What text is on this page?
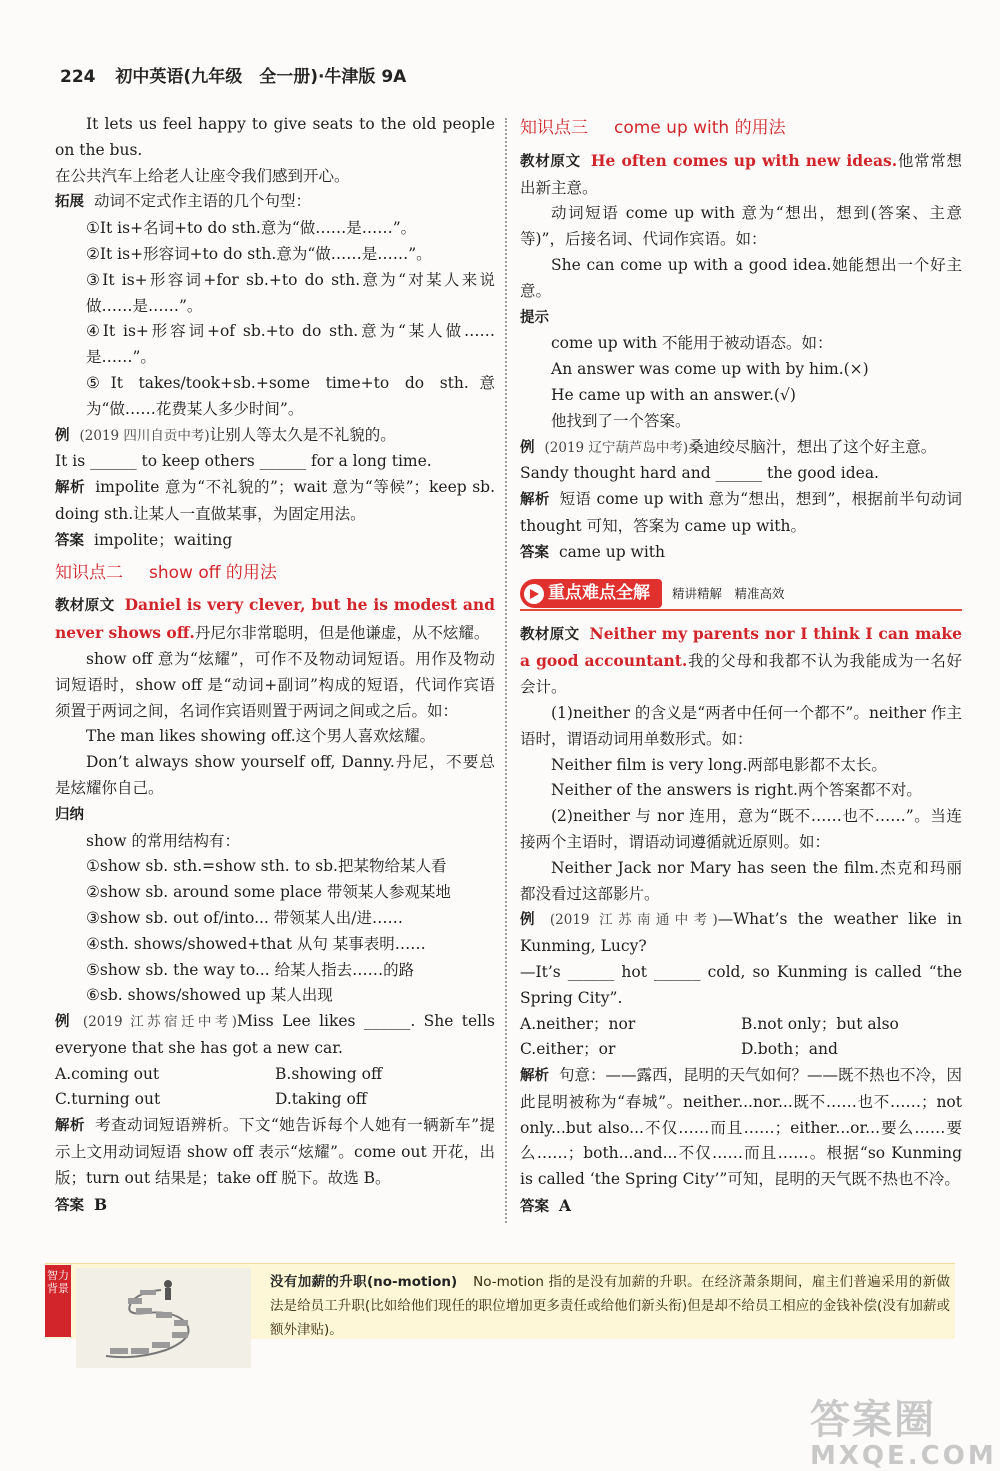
224 初中英语(九年级　全一册)·牛津版 9A

It lets us feel happy to give seats to the old people on the bus.

在公共汽车上给老人让座令我们感到开心。

拓展 动词不定式作主语的几个句型：

①It is+名词+to do sth.意为“做……是……”。

②It is+形容词+to do sth.意为“做……是……”。

③It is+形容词+for sb.+to do sth.意为“对某人来说做……是……”。

④It is+形容词+of sb.+to do sth.意为“某人做……是……”。

⑤It takes/took+sb.+some time+to do sth.意为“做……花费某人多少时间”。

例 (2019 四川自贡中考)让别人等太久是不礼貌的。

It is ______ to keep others ______ for a long time.

解析 impolite 意为“不礼貌的”；wait 意为“等候”；keep sb. doing sth.让某人一直做某事，为固定用法。

答案 impolite；waiting

知识点二 show off 的用法

教材原文 Daniel is very clever, but he is modest and never shows off.丹尼尔非常聪明，但是他谦虚，从不炫耀。

show off 意为“炫耀”，可作不及物动词短语。用作及物动词短语时，show off 是“动词+副词”构成的短语，代词作宾语须置于两词之间，名词作宾语则置于两词之间或之后。如：

The man likes showing off.这个男人喜欢炫耀。

Don’t always show yourself off, Danny.丹尼，不要总是炫耀你自己。

归纳

show 的常用结构有：

①show sb. sth.=show sth. to sb.把某物给某人看

②show sb. around some place 带领某人参观某地

③show sb. out of/into... 带领某人出/进……

④sth. shows/showed+that 从句 某事表明……

⑤show sb. the way to... 给某人指去……的路

⑥sb. shows/showed up 某人出现

例 (2019 江苏宿迁中考)Miss Lee likes ______. She tells everyone that she has got a new car.

A.coming out	B.showing off
C.turning out	D.taking off

解析 考查动词短语辨析。下文“她告诉每个人她有一辆新车”提示上文用动词短语 show off 表示“炫耀”。come out 开花，出版；turn out 结果是；take off 脱下。故选 B。

答案 B

知识点三 come up with 的用法

教材原文 He often comes up with new ideas.他常常想出新主意。

动词短语 come up with 意为“想出，想到(答案、主意等)”，后接名词、代词作宾语。如：

She can come up with a good idea.她能想出一个好主意。

提示

come up with 不能用于被动语态。如：

An answer was come up with by him.(×)

He came up with an answer.(√)

他找到了一个答案。

例 (2019 辽宁葫芦岛中考)桑迪绞尽脑汁，想出了这个好主意。

Sandy thought hard and ______ the good idea.

解析 短语 come up with 意为“想出，想到”，根据前半句动词 thought 可知，答案为 came up with。

答案 came up with

重点难点全解 精讲精解　精准高效

教材原文 Neither my parents nor I think I can make a good accountant.我的父母和我都不认为我能成为一名好会计。

(1)neither 的含义是“两者中任何一个都不”。neither 作主语时，谓语动词用单数形式。如：

Neither film is very long.两部电影都不太长。

Neither of the answers is right.两个答案都不对。

(2)neither 与 nor 连用，意为“既不……也不……”。当连接两个主语时，谓语动词遵循就近原则。如：

Neither Jack nor Mary has seen the film.杰克和玛丽都没看过这部影片。

例 (2019 江苏南通中考)—What’s the weather like in Kunming, Lucy?

—It’s ______ hot ______ cold, so Kunming is called “the Spring City”.

A.neither；nor	B.not only；but also
C.either；or	D.both；and

解析 句意：——露西，昆明的天气如何？——既不热也不冷，因此昆明被称为“春城”。neither...nor...既不……也不……；not only...but also...不仅……而且……；either...or...要么……要么……；both...and...不仅……而且……。根据“so Kunming is called ‘the Spring City’”可知，昆明的天气既不热也不冷。

答案 A

智力背景	没有加薪的升职(no-motion) No-motion 指的是没有加薪的升职。在经济萧条期间，雇主们普遍采用的新做法是给员工升职(比如给他们现任的职位增加更多责任或给他们新头衔)但是却不给员工相应的金钱补偿(没有加薪或额外津贴)。
答案圈
MXQE.COM
